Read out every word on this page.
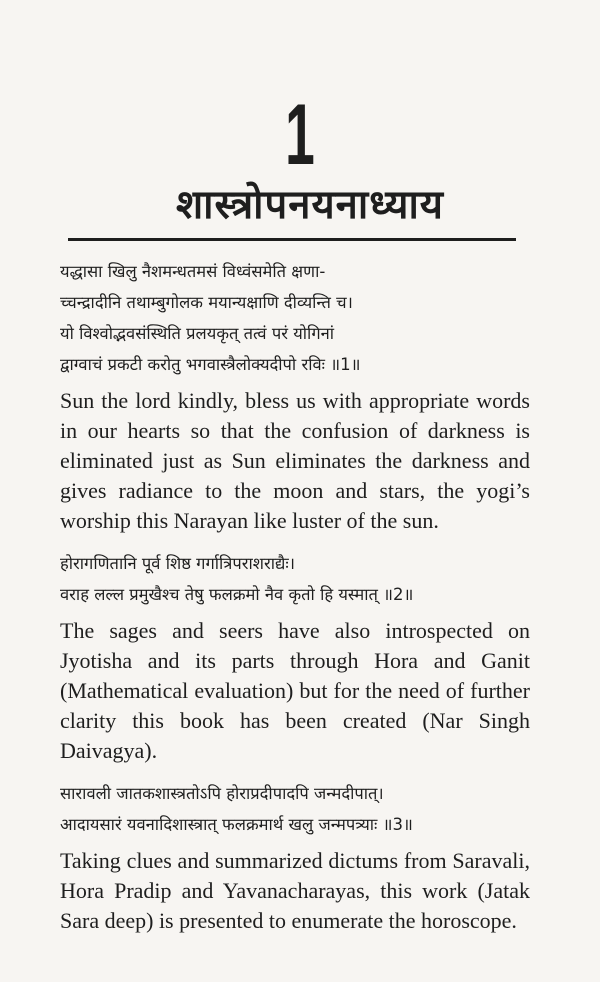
1
शास्त्रोपनयनाध्याय
यद्धासा खिलु नैशमन्धतमसं विध्वंसमेति क्षणा-
च्चन्द्रादीनि तथाम्बुगोलक मयान्यक्षाणि दीव्यन्ति च।
यो विश्वोद्भवसंस्थिति प्रलयकृत् तत्वं परं योगिनां
द्वाग्वाचं प्रकटी करोतु भगवास्त्रैलोक्यदीपो रविः ॥1॥

Sun the lord kindly, bless us with appropriate words in our hearts so that the confusion of darkness is eliminated just as Sun eliminates the darkness and gives radiance to the moon and stars, the yogi’s worship this Narayan like luster of the sun.

होरागणितानि पूर्व शिष्ठ गर्गात्रिपराशराद्यैः।
वराह लल्ल प्रमुखैश्च तेषु फलक्रमो नैव कृतो हि यस्मात् ॥2॥

The sages and seers have also introspected on Jyotisha and its parts through Hora and Ganit (Mathematical evaluation) but for the need of further clarity this book has been created (Nar Singh Daivagya).

सारावली जातकशास्त्रतोऽपि होराप्रदीपादपि जन्मदीपात्।
आदायसारं यवनादिशास्त्रात् फलक्रमार्थ खलु जन्मपत्र्याः ॥3॥

Taking clues and summarized dictums from Saravali, Hora Pradip and Yavanacharayas, this work (Jatak Sara deep) is presented to enumerate the horoscope.
